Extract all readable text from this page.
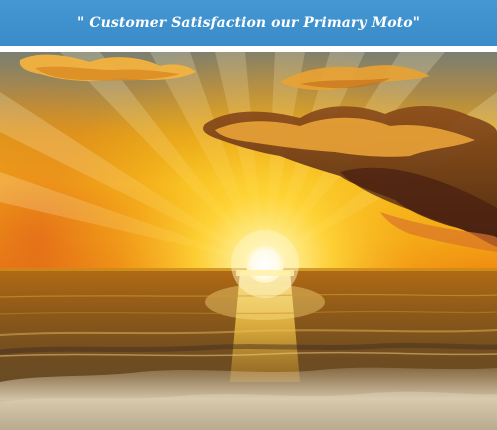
" Customer Satisfaction our Primary Moto"
